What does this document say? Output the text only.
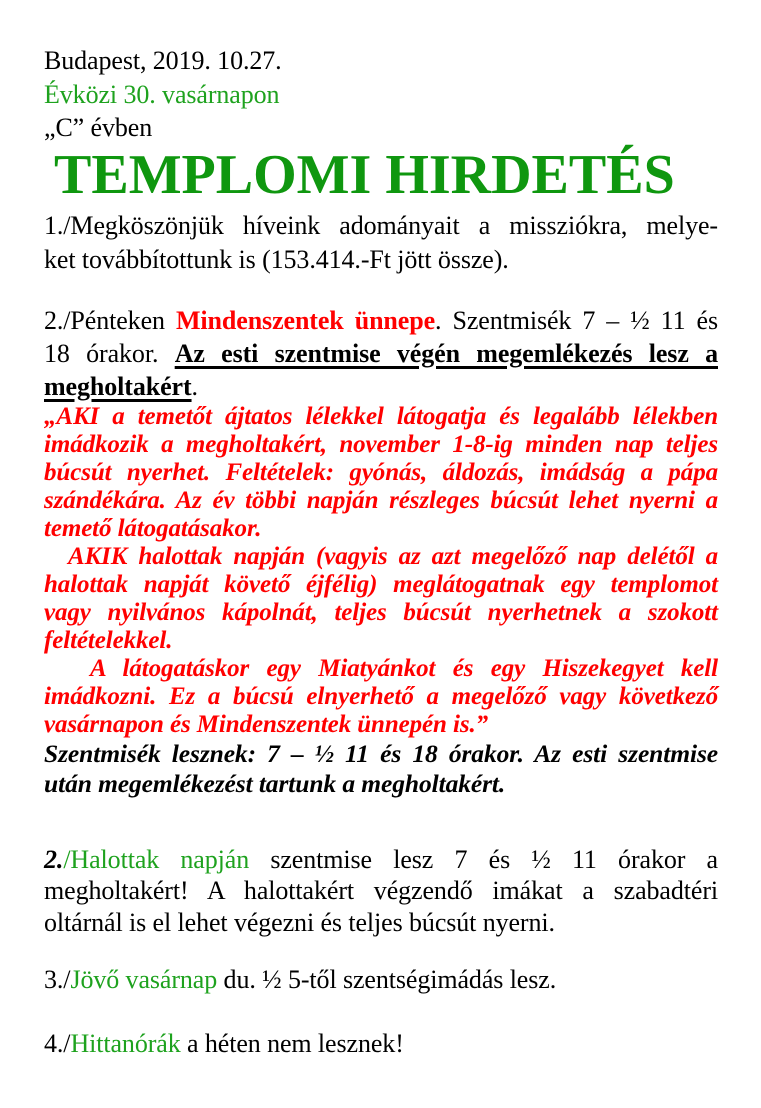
Budapest, 2019. 10.27.
Évközi 30. vasárnapon
„C” évben
TEMPLOMI HIRDETÉS
1./Megköszönjük híveink adományait a missziókra, melye-
ket továbbítottunk is (153.414.-Ft jött össze).
2./Pénteken Mindenszentek ünnepe. Szentmisék 7 – ½ 11 és
18 órakor. Az esti szentmise végén megemlékezés lesz a
megholtakért.
„AKI a temetőt ájtatos lélekkel látogatja és legalább lélekben
imádkozik a megholtakért, november 1-8-ig minden nap teljes
búcsút nyerhet. Feltételek: gyónás, áldozás, imádság a pápa
szándékára. Az év többi napján részleges búcsút lehet nyerni a
temető látogatásakor.
AKIK halottak napján (vagyis az azt megelőző nap delétől a
halottak napját követő éjfélig) meglátogatnak egy templomot
vagy nyilvános kápolnát, teljes búcsút nyerhetnek a szokott
feltételekkel.
A látogatáskor egy Miatyánkot és egy Hiszekegyet kell
imádkozni. Ez a búcsú elnyerhető a megelőző vagy következő
vasárnapon és Mindenszentek ünnepén is.”
Szentmisék lesznek: 7 – ½ 11 és 18 órakor. Az esti szentmise
után megemlékezést tartunk a megholtakért.
2./Halottak napján szentmise lesz 7 és ½ 11 órakor a
megholtakért! A halottakért végzendő imákat a szabadtéri
oltárnál is el lehet végezni és teljes búcsút nyerni.
3./Jövő vasárnap du. ½ 5-től szentségimádás lesz.
4./Hittanórák a héten nem lesznek!
